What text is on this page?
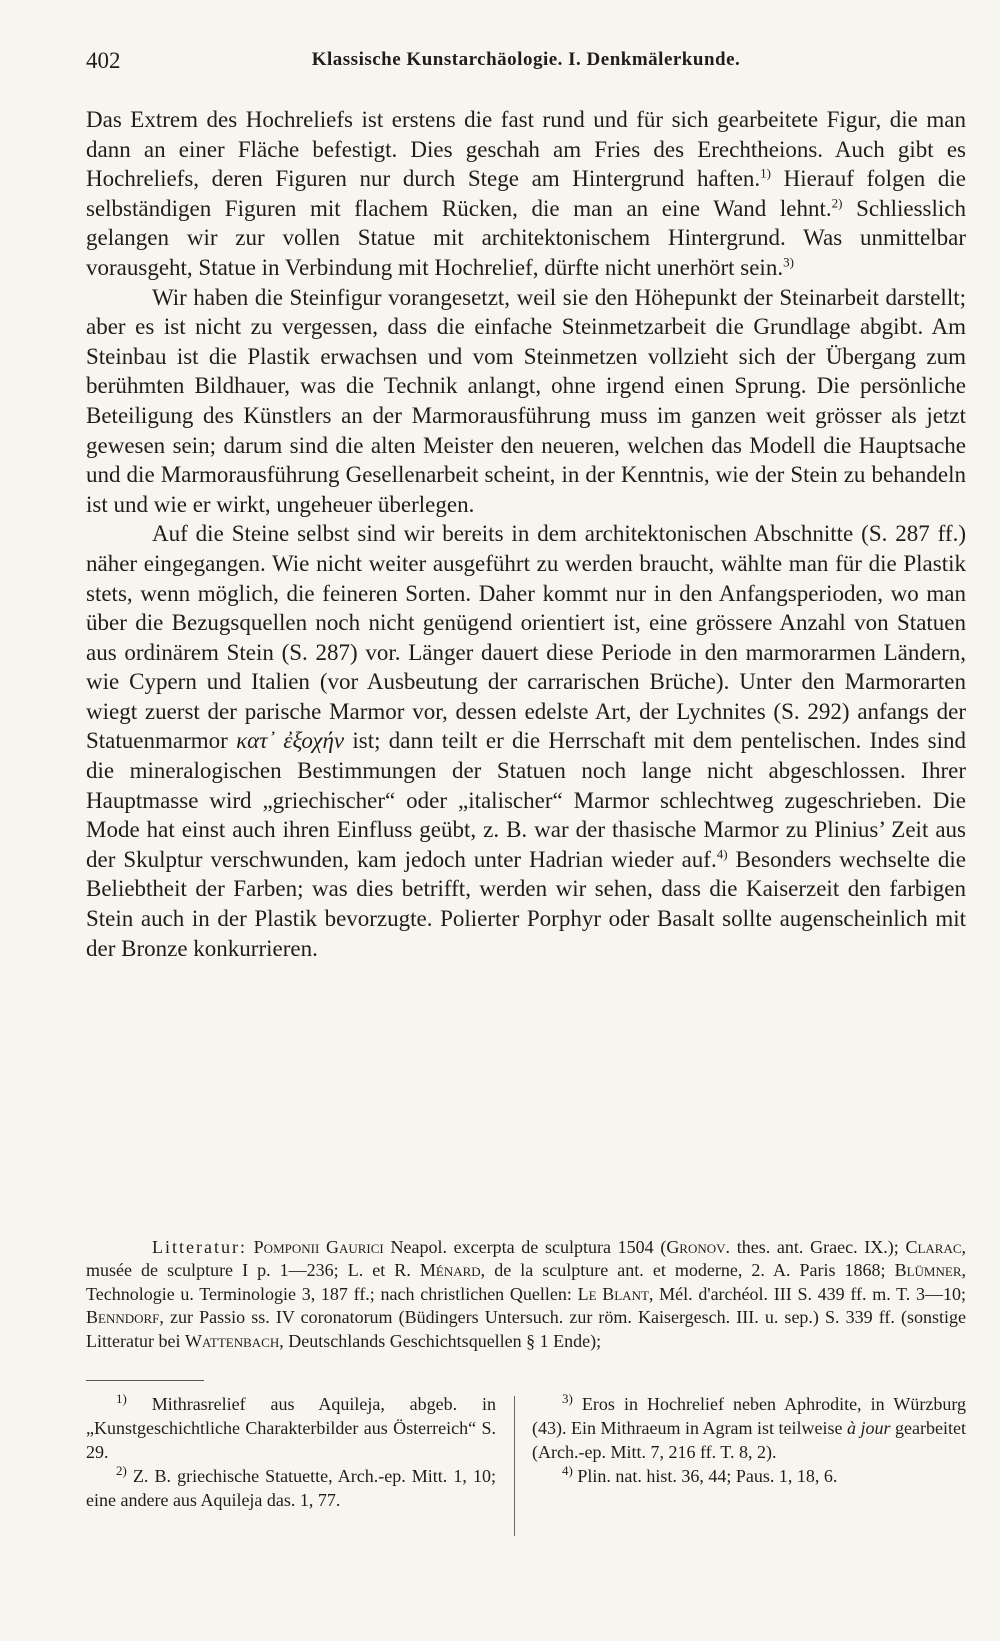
402	Klassische Kunstarchäologie. I. Denkmälerkunde.

Das Extrem des Hochreliefs ist erstens die fast rund und für sich gearbeitete Figur, die man dann an einer Fläche befestigt. Dies geschah am Fries des Erechtheions. Auch gibt es Hochreliefs, deren Figuren nur durch Stege am Hintergrund haften.$^{1)}$ Hierauf folgen die selbständigen Figuren mit flachem Rücken, die man an eine Wand lehnt.$^{2)}$ Schliesslich gelangen wir zur vollen Statue mit architektonischem Hintergrund. Was unmittelbar vorausgeht, Statue in Verbindung mit Hochrelief, dürfte nicht unerhört sein.$^{3)}$

Wir haben die Steinfigur vorangesetzt, weil sie den Höhepunkt der Steinarbeit darstellt; aber es ist nicht zu vergessen, dass die einfache Steinmetzarbeit die Grundlage abgibt. Am Steinbau ist die Plastik erwachsen und vom Steinmetzen vollzieht sich der Übergang zum berühmten Bildhauer, was die Technik anlangt, ohne irgend einen Sprung. Die persönliche Beteiligung des Künstlers an der Marmorausführung muss im ganzen weit grösser als jetzt gewesen sein; darum sind die alten Meister den neueren, welchen das Modell die Hauptsache und die Marmorausführung Gesellenarbeit scheint, in der Kenntnis, wie der Stein zu behandeln ist und wie er wirkt, ungeheuer überlegen.

Auf die Steine selbst sind wir bereits in dem architektonischen Abschnitte (S. 287 ff.) näher eingegangen. Wie nicht weiter ausgeführt zu werden braucht, wählte man für die Plastik stets, wenn möglich, die feineren Sorten. Daher kommt nur in den Anfangsperioden, wo man über die Bezugsquellen noch nicht genügend orientiert ist, eine grössere Anzahl von Statuen aus ordinärem Stein (S. 287) vor. Länger dauert diese Periode in den marmorarmen Ländern, wie Cypern und Italien (vor Ausbeutung der carrarischen Brüche). Unter den Marmorarten wiegt zuerst der parische Marmor vor, dessen edelste Art, der Lychnites (S. 292) anfangs der Statuenmarmor κατ᾽ ἐξοχήν ist; dann teilt er die Herrschaft mit dem pentelischen. Indes sind die mineralogischen Bestimmungen der Statuen noch lange nicht abgeschlossen. Ihrer Hauptmasse wird „griechischer“ oder „italischer“ Marmor schlechtweg zugeschrieben. Die Mode hat einst auch ihren Einfluss geübt, z. B. war der thasische Marmor zu Plinius’ Zeit aus der Skulptur verschwunden, kam jedoch unter Hadrian wieder auf.$^{4)}$ Besonders wechselte die Beliebtheit der Farben; was dies betrifft, werden wir sehen, dass die Kaiserzeit den farbigen Stein auch in der Plastik bevorzugte. Polierter Porphyr oder Basalt sollte augenscheinlich mit der Bronze konkurrieren.

Litteratur: Pomponii Gaurici Neapol. excerpta de sculptura 1504 (Gronov. thes. ant. Graec. IX.); Clarac, musée de sculpture I p. 1—236; L. et R. Ménard, de la sculpture ant. et moderne, 2. A. Paris 1868; Blümner, Technologie u. Terminologie 3, 187 ff.; nach christlichen Quellen: Le Blant, Mél. d'archéol. III S. 439 ff. m. T. 3—10; Benndorf, zur Passio ss. IV coronatorum (Büdingers Untersuch. zur röm. Kaisergesch. III. u. sep.) S. 339 ff. (sonstige Litteratur bei Wattenbach, Deutschlands Geschichtsquellen § 1 Ende);

$^{1)}$ Mithrasrelief aus Aquileja, abgeb. in „Kunstgeschichtliche Charakterbilder aus Österreich“ S. 29.

$^{2)}$ Z. B. griechische Statuette, Arch.-ep. Mitt. 1, 10; eine andere aus Aquileja das. 1, 77.

$^{3)}$ Eros in Hochrelief neben Aphrodite, in Würzburg (43). Ein Mithraeum in Agram ist teilweise à jour gearbeitet (Arch.-ep. Mitt. 7, 216 ff. T. 8, 2).

$^{4)}$ Plin. nat. hist. 36, 44; Paus. 1, 18, 6.
